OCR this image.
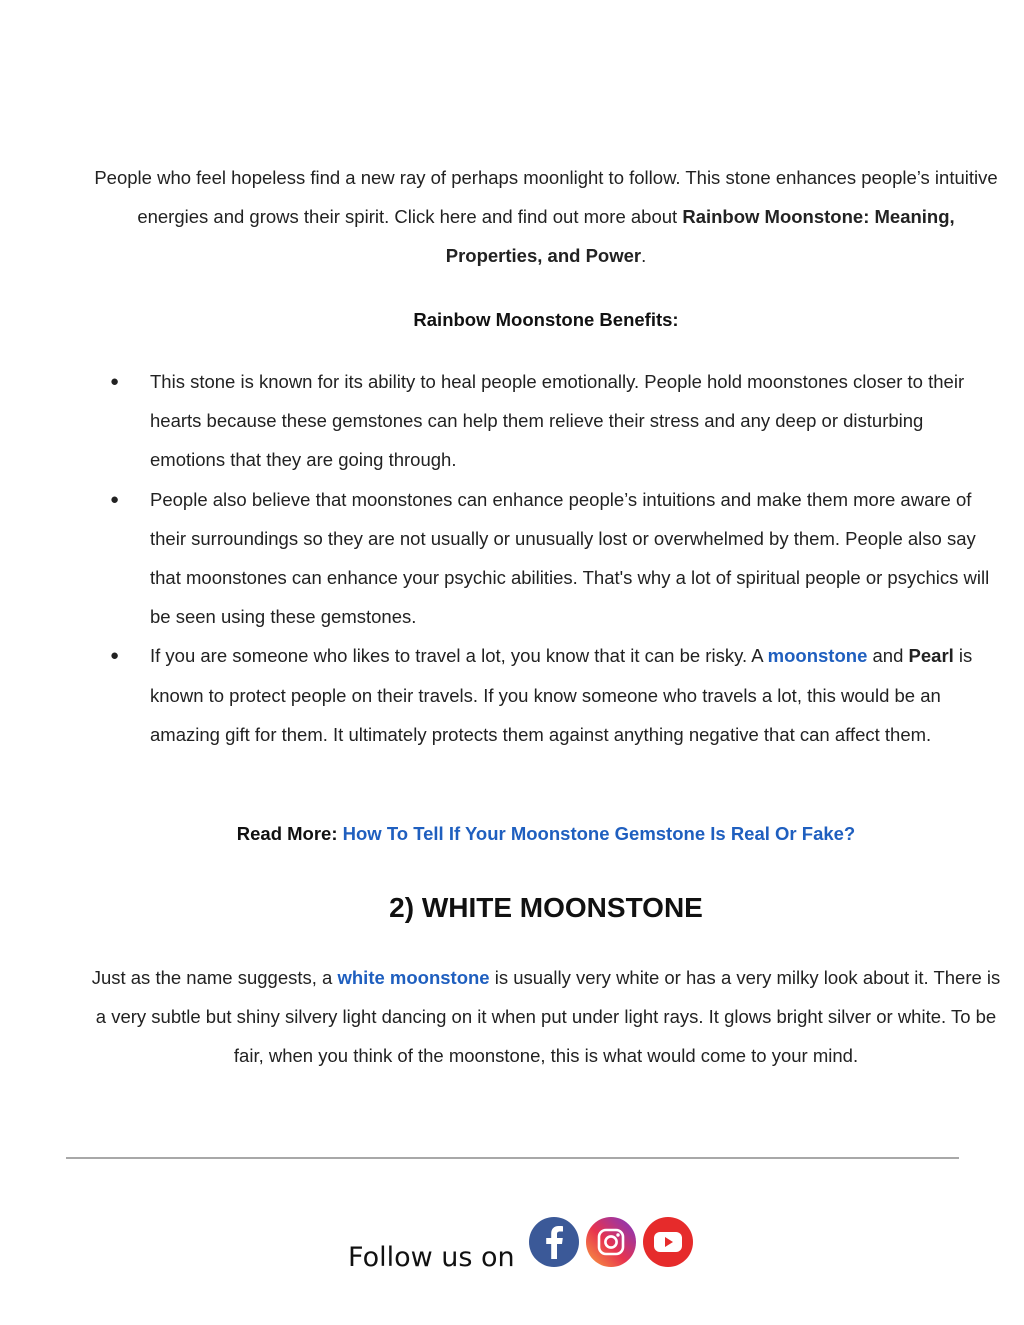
People who feel hopeless find a new ray of perhaps moonlight to follow. This stone enhances people’s intuitive energies and grows their spirit. Click here and find out more about Rainbow Moonstone: Meaning, Properties, and Power.
Rainbow Moonstone Benefits:
● This stone is known for its ability to heal people emotionally. People hold moonstones closer to their hearts because these gemstones can help them relieve their stress and any deep or disturbing emotions that they are going through.
● People also believe that moonstones can enhance people’s intuitions and make them more aware of their surroundings so they are not usually or unusually lost or overwhelmed by them. People also say that moonstones can enhance your psychic abilities. That's why a lot of spiritual people or psychics will be seen using these gemstones.
● If you are someone who likes to travel a lot, you know that it can be risky. A moonstone and Pearl is known to protect people on their travels. If you know someone who travels a lot, this would be an amazing gift for them. It ultimately protects them against anything negative that can affect them.
Read More: How To Tell If Your Moonstone Gemstone Is Real Or Fake?
2) WHITE MOONSTONE
Just as the name suggests, a white moonstone is usually very white or has a very milky look about it. There is a very subtle but shiny silvery light dancing on it when put under light rays. It glows bright silver or white. To be fair, when you think of the moonstone, this is what would come to your mind.
Follow us on
